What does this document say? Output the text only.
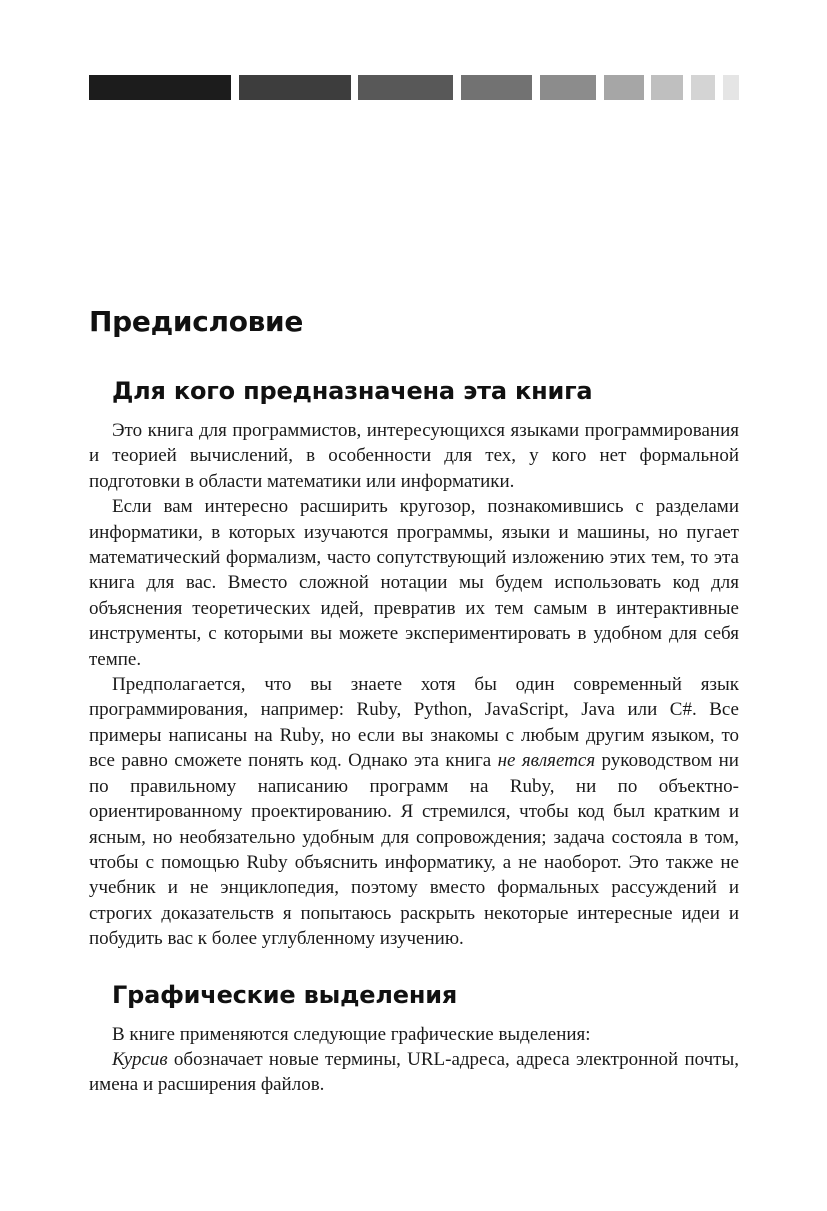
Предисловие
Для кого предназначена эта книга

Это книга для программистов, интересующихся языками программирования и теорией вычислений, в особенности для тех, у кого нет формальной подготовки в области математики или информатики.

Если вам интересно расширить кругозор, познакомившись с разделами информатики, в которых изучаются программы, языки и машины, но пугает математический формализм, часто сопутствующий изложению этих тем, то эта книга для вас. Вместо сложной нотации мы будем использовать код для объяснения теоретических идей, превратив их тем самым в интерактивные инструменты, с которыми вы можете экспериментировать в удобном для себя темпе.

Предполагается, что вы знаете хотя бы один современный язык программирования, например: Ruby, Python, JavaScript, Java или C#. Все примеры написаны на Ruby, но если вы знакомы с любым другим языком, то все равно сможете понять код. Однако эта книга не является руководством ни по правильному написанию программ на Ruby, ни по объектно-ориентированному проектированию. Я стремился, чтобы код был кратким и ясным, но необязательно удобным для сопровождения; задача состояла в том, чтобы с помощью Ruby объяснить информатику, а не наоборот. Это также не учебник и не энциклопедия, поэтому вместо формальных рассуждений и строгих доказательств я попытаюсь раскрыть некоторые интересные идеи и побудить вас к более углубленному изучению.

Графические выделения

В книге применяются следующие графические выделения:

Курсив обозначает новые термины, URL-адреса, адреса электронной почты, имена и расширения файлов.
